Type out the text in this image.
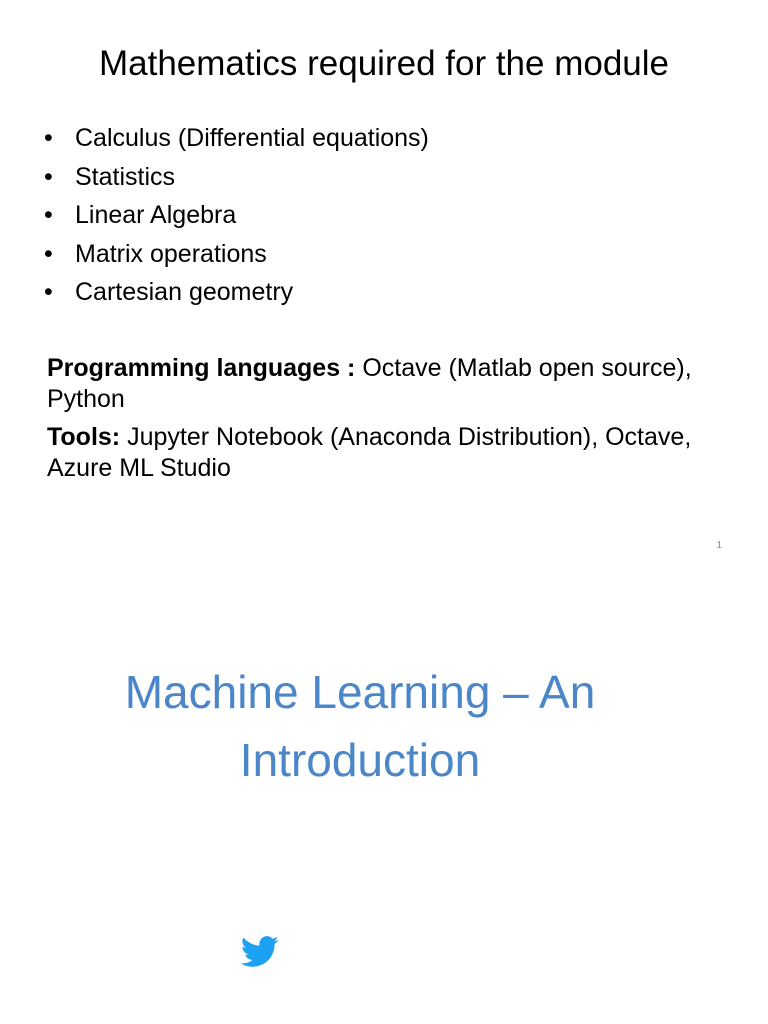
Mathematics required for the module
• Calculus (Differential equations)
• Statistics
• Linear Algebra
• Matrix operations
• Cartesian geometry

Programming languages : Octave (Matlab open source), Python

Tools: Jupyter Notebook (Anaconda Distribution), Octave, Azure ML Studio

1
Machine Learning – An
Introduction
